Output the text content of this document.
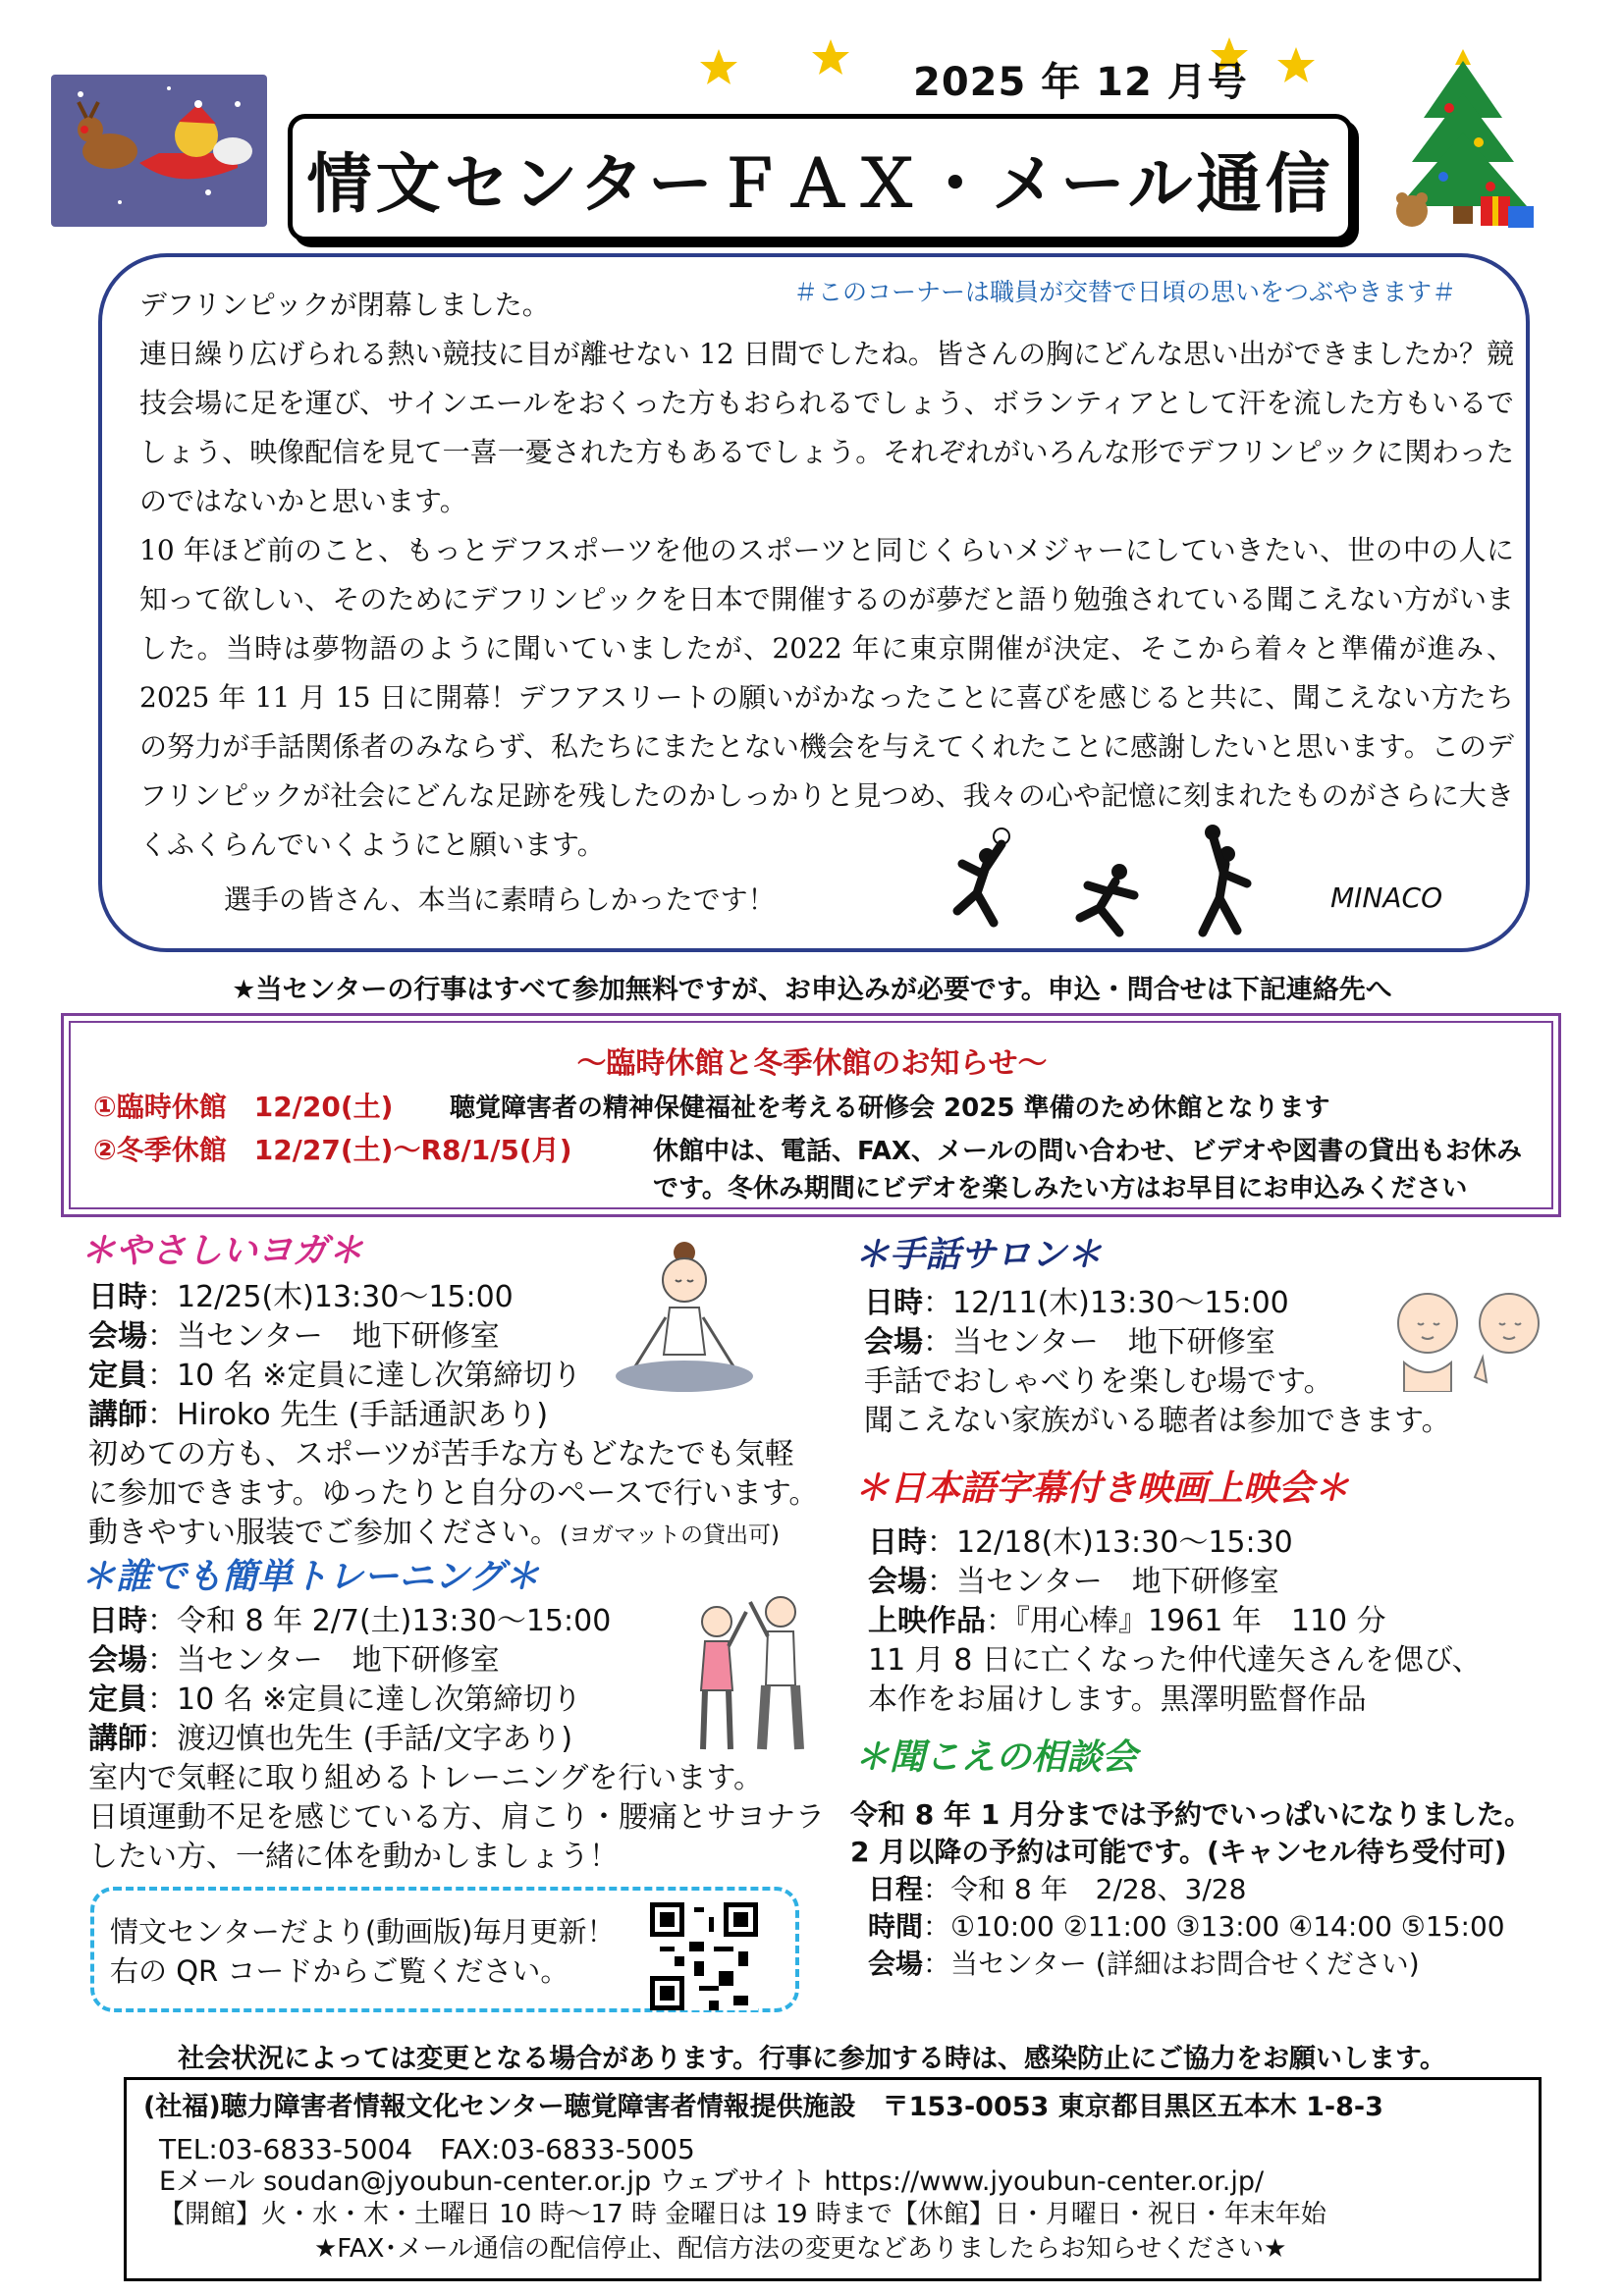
2025 年 12 月号
情文センターＦＡＸ・メール通信
＃このコーナーは職員が交替で日頃の思いをつぶやきます＃

デフリンピックが閉幕しました。

連日繰り広げられる熱い競技に目が離せない 12 日間でしたね。皆さんの胸にどんな思い出ができましたか？競技会場に足を運び、サインエールをおくった方もおられるでしょう、ボランティアとして汗を流した方もいるでしょう、映像配信を見て一喜一憂された方もあるでしょう。それぞれがいろんな形でデフリンピックに関わったのではないかと思います。

10 年ほど前のこと、もっとデフスポーツを他のスポーツと同じくらいメジャーにしていきたい、世の中の人に知って欲しい、そのためにデフリンピックを日本で開催するのが夢だと語り勉強されている聞こえない方がいました。当時は夢物語のように聞いていましたが、2022 年に東京開催が決定、そこから着々と準備が進み、2025 年 11 月 15 日に開幕！デフアスリートの願いがかなったことに喜びを感じると共に、聞こえない方たちの努力が手話関係者のみならず、私たちにまたとない機会を与えてくれたことに感謝したいと思います。このデフリンピックが社会にどんな足跡を残したのかしっかりと見つめ、我々の心や記憶に刻まれたものがさらに大きくふくらんでいくようにと願います。

選手の皆さん、本当に素晴らしかったです！	MINACO
★当センターの行事はすべて参加無料ですが、お申込みが必要です。申込・問合せは下記連絡先へ
～臨時休館と冬季休館のお知らせ～
①臨時休館　12/20(土) 聴覚障害者の精神保健福祉を考える研修会 2025 準備のため休館となります
②冬季休館　12/27(土)～R8/1/5(月)	休館中は、電話、FAX、メールの問い合わせ、ビデオや図書の貸出もお休み
です。冬休み期間にビデオを楽しみたい方はお早目にお申込みください
＊やさしいヨガ＊
日時：12/25(木)13:30～15:00
会場：当センター　地下研修室
定員：10 名 ※定員に達し次第締切り
講師：Hiroko 先生 (手話通訳あり)
初めての方も、スポーツが苦手な方もどなたでも気軽
に参加できます。ゆったりと自分のペースで行います。
動きやすい服装でご参加ください。(ヨガマットの貸出可)
＊誰でも簡単トレーニング＊
日時：令和 8 年 2/7(土)13:30～15:00
会場：当センター　地下研修室
定員：10 名 ※定員に達し次第締切り
講師：渡辺慎也先生 (手話/文字あり)
室内で気軽に取り組めるトレーニングを行います。
日頃運動不足を感じている方、肩こり・腰痛とサヨナラ
したい方、一緒に体を動かしましょう！
情文センターだより(動画版)毎月更新！
右の QR コードからご覧ください。
＊手話サロン＊
日時：12/11(木)13:30～15:00
会場：当センター　地下研修室
手話でおしゃべりを楽しむ場です。
聞こえない家族がいる聴者は参加できます。
＊日本語字幕付き映画上映会＊
日時：12/18(木)13:30～15:30
会場：当センター　地下研修室
上映作品：『用心棒』1961 年　110 分
11 月 8 日に亡くなった仲代達矢さんを偲び、
本作をお届けします。黒澤明監督作品
＊聞こえの相談会
令和 8 年 1 月分までは予約でいっぱいになりました。
2 月以降の予約は可能です。(キャンセル待ち受付可)
日程：令和 8 年　2/28、3/28
時間：①10:00 ②11:00 ③13:00 ④14:00 ⑤15:00
会場：当センター (詳細はお問合せください)
社会状況によっては変更となる場合があります。行事に参加する時は、感染防止にご協力をお願いします。
(社福)聴力障害者情報文化センター聴覚障害者情報提供施設　〒153-0053 東京都目黒区五本木 1-8-3
TEL:03-6833-5004　FAX:03-6833-5005
Eメール soudan@jyoubun-center.or.jp ウェブサイト https://www.jyoubun-center.or.jp/
【開館】火・水・木・土曜日 10 時～17 時 金曜日は 19 時まで【休館】日・月曜日・祝日・年末年始
★FAX･メール通信の配信停止、配信方法の変更などありましたらお知らせください★
